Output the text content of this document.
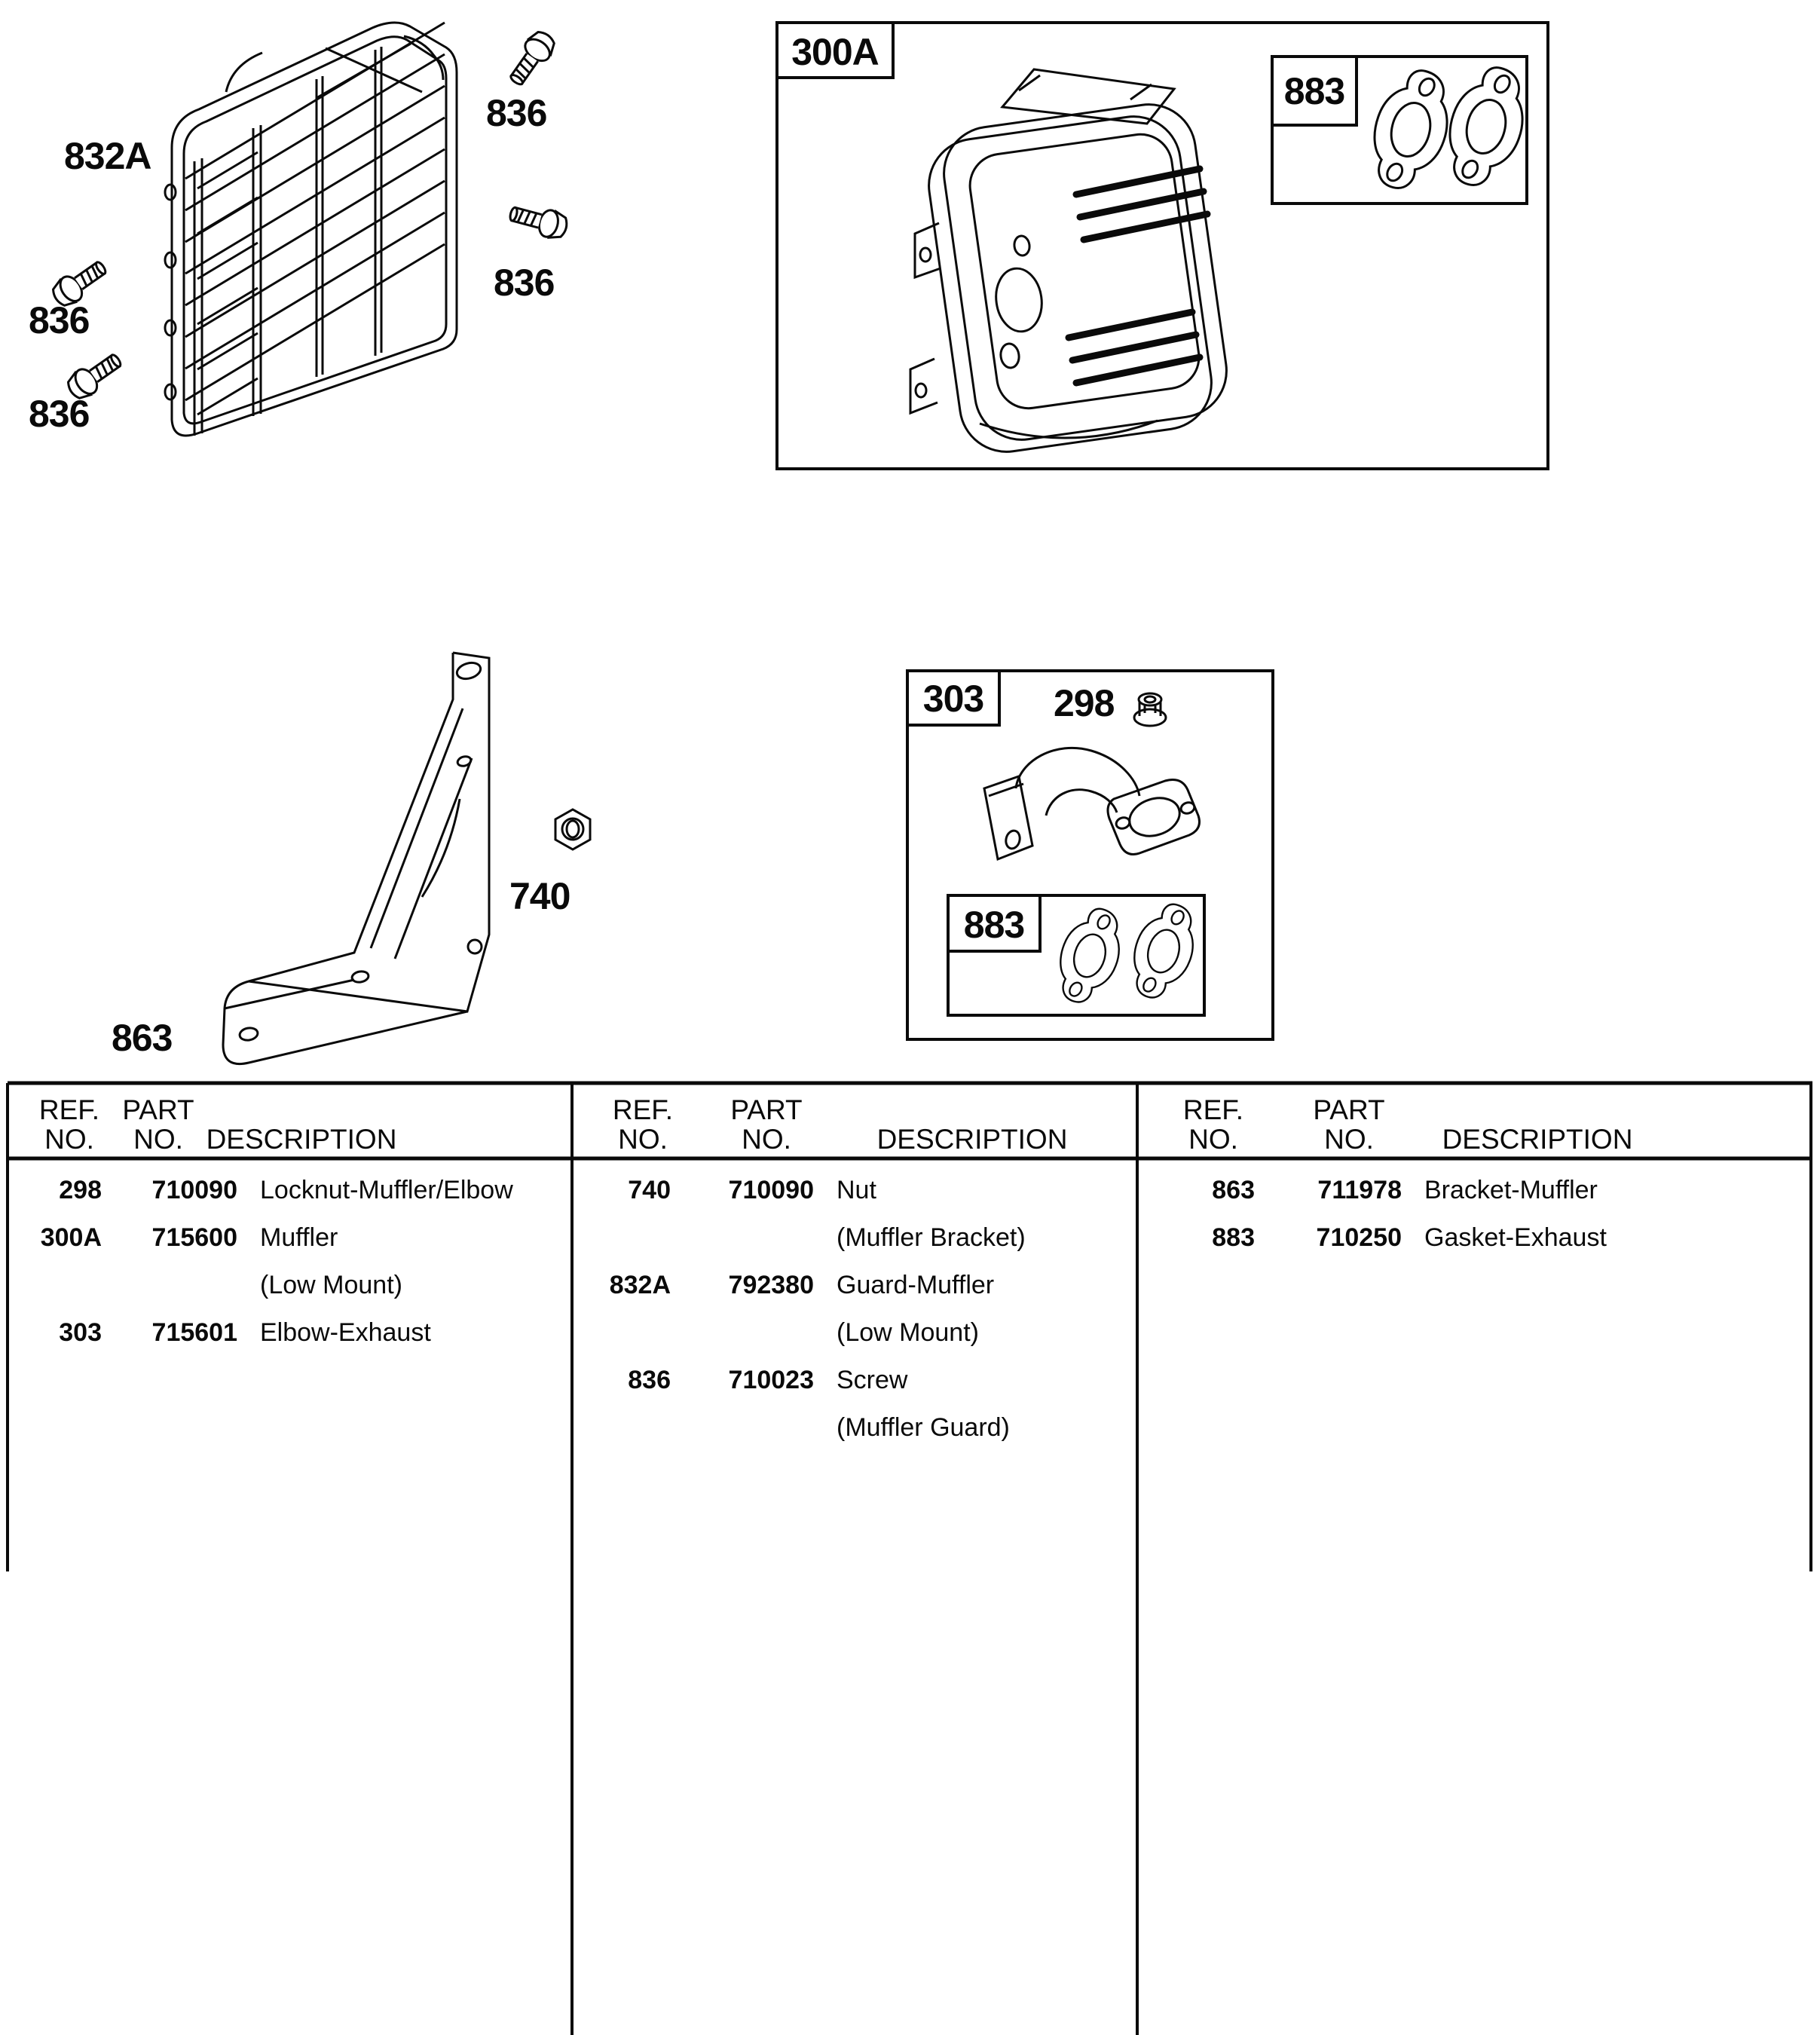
832A
836
836
836
836
300A
883
303	298
883
740
863
REF.
NO.
PART
NO. DESCRIPTION
REF.
NO.
PART
NO.	DESCRIPTION
REF.
NO.
PART
NO. DESCRIPTION
298	710090 Locknut-Muffler/Elbow
300A	715600 Muffler
(Low Mount)
303	715601 Elbow-Exhaust
740	710090 Nut
(Muffler Bracket)
832A	792380 Guard-Muffler
(Low Mount)
836	710023 Screw
(Muffler Guard)
863	711978 Bracket-Muffler
883	710250 Gasket-Exhaust
